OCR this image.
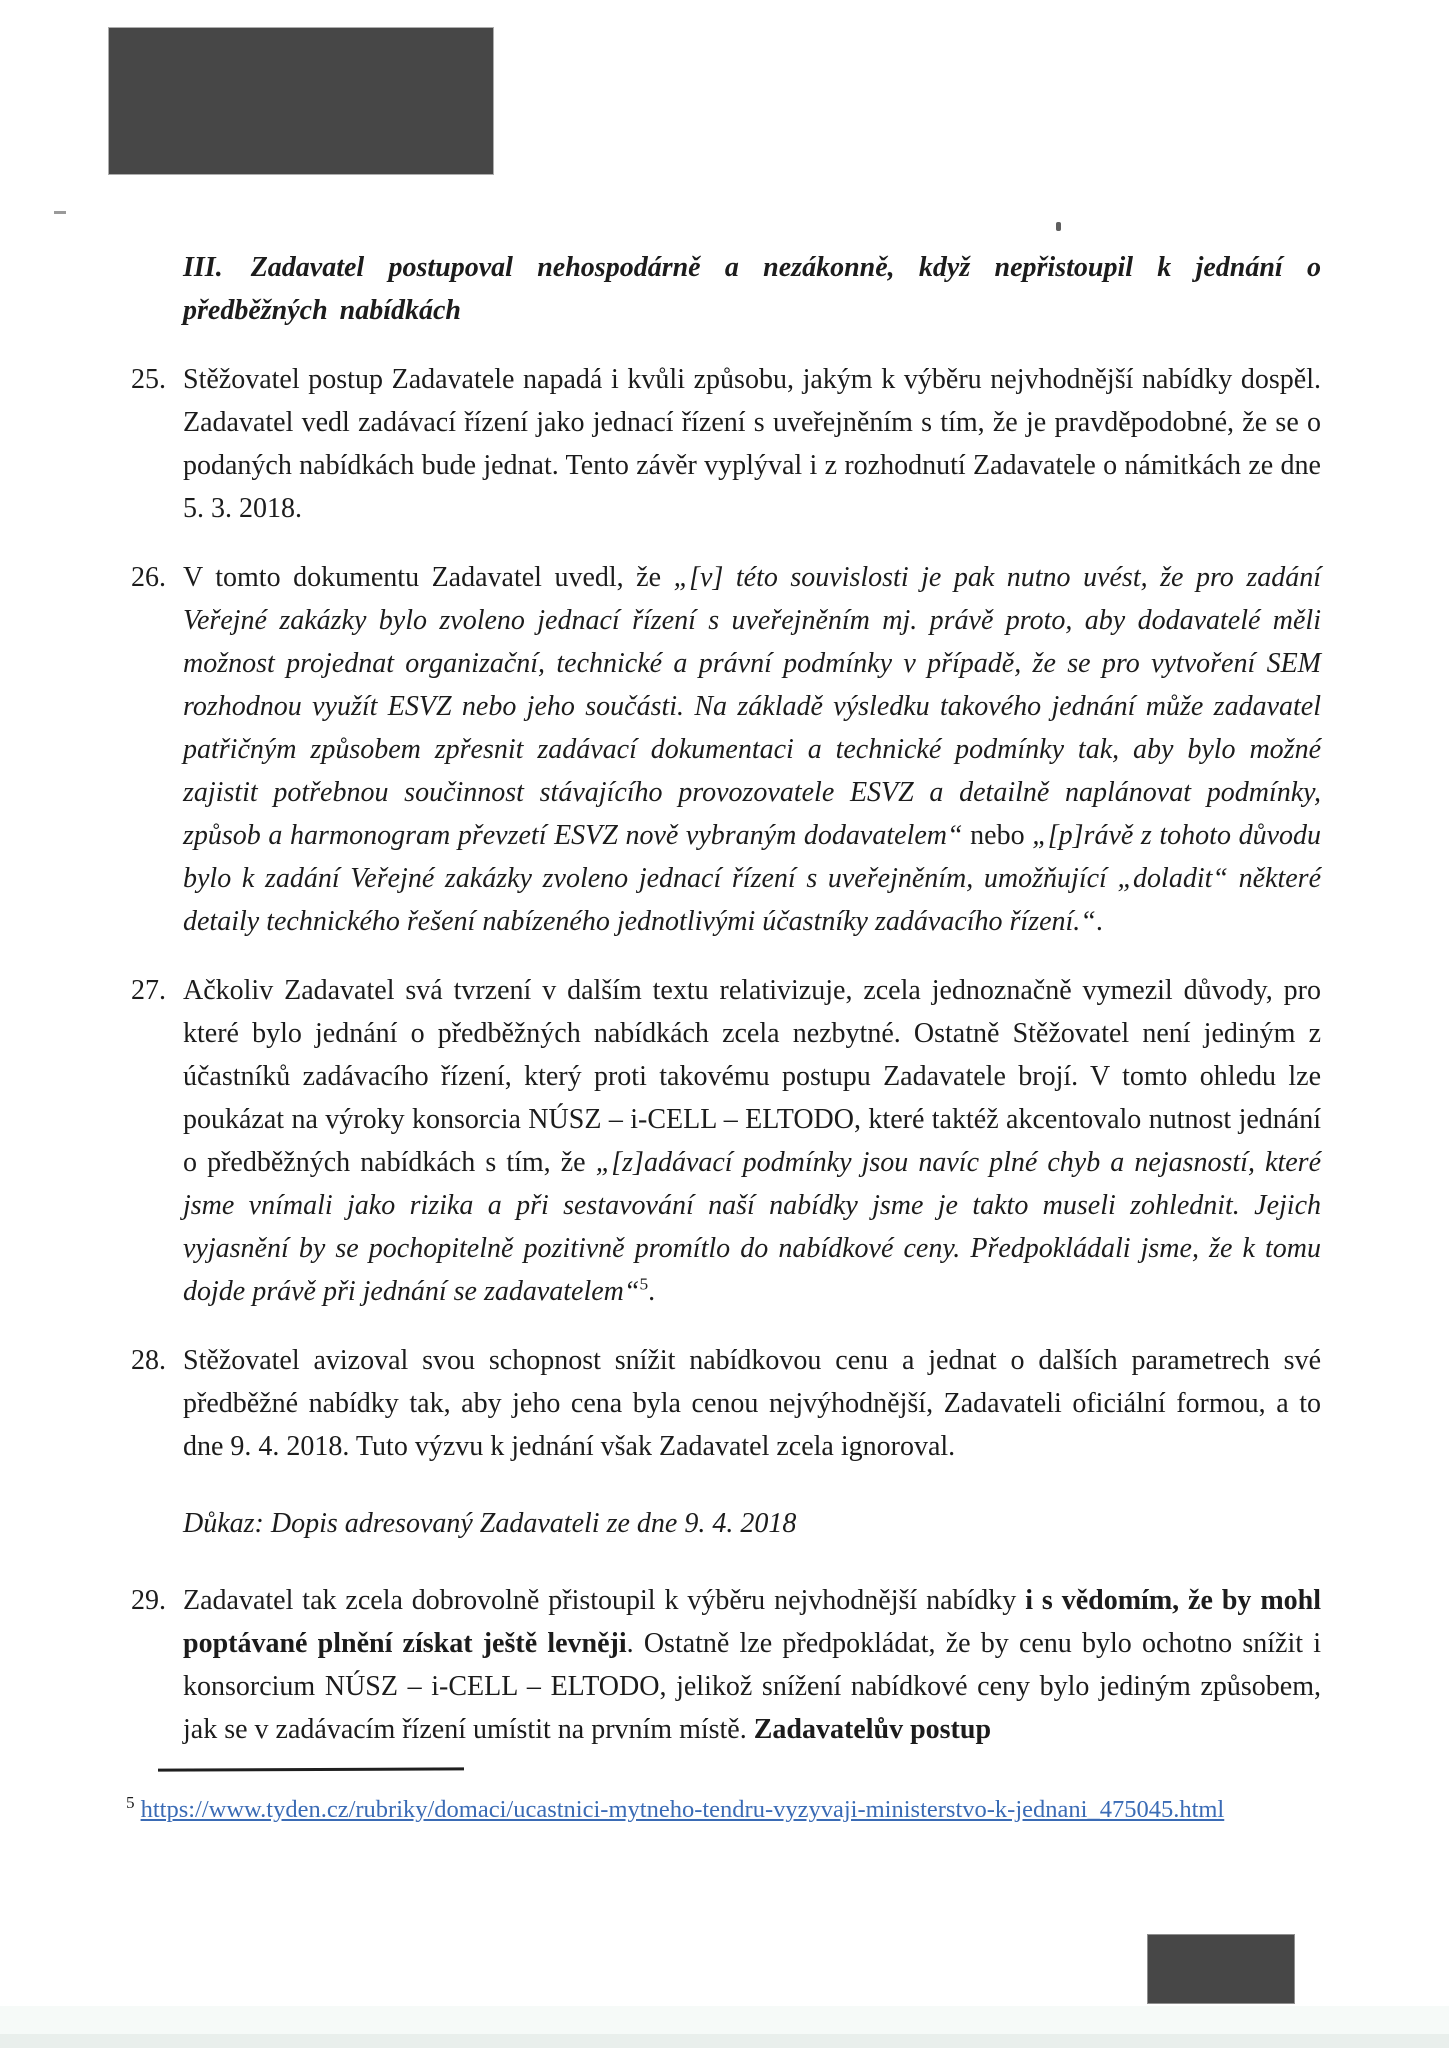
III. Zadavatel postupoval nehospodárně a nezákonně, když nepřistoupil k jednání o předběžných nabídkách
25. Stěžovatel postup Zadavatele napadá i kvůli způsobu, jakým k výběru nejvhodnější nabídky dospěl. Zadavatel vedl zadávací řízení jako jednací řízení s uveřejněním s tím, že je pravděpodobné, že se o podaných nabídkách bude jednat. Tento závěr vyplýval i z rozhodnutí Zadavatele o námitkách ze dne 5. 3. 2018.
26. V tomto dokumentu Zadavatel uvedl, že „[v] této souvislosti je pak nutno uvést, že pro zadání Veřejné zakázky bylo zvoleno jednací řízení s uveřejněním mj. právě proto, aby dodavatelé měli možnost projednat organizační, technické a právní podmínky v případě, že se pro vytvoření SEM rozhodnou využít ESVZ nebo jeho součásti. Na základě výsledku takového jednání může zadavatel patřičným způsobem zpřesnit zadávací dokumentaci a technické podmínky tak, aby bylo možné zajistit potřebnou součinnost stávajícího provozovatele ESVZ a detailně naplánovat podmínky, způsob a harmonogram převzetí ESVZ nově vybraným dodavatelem“ nebo „[p]rávě z tohoto důvodu bylo k zadání Veřejné zakázky zvoleno jednací řízení s uveřejněním, umožňující „doladit“ některé detaily technického řešení nabízeného jednotlivými účastníky zadávacího řízení.“.
27. Ačkoliv Zadavatel svá tvrzení v dalším textu relativizuje, zcela jednoznačně vymezil důvody, pro které bylo jednání o předběžných nabídkách zcela nezbytné. Ostatně Stěžovatel není jediným z účastníků zadávacího řízení, který proti takovému postupu Zadavatele brojí. V tomto ohledu lze poukázat na výroky konsorcia NÚSZ – i-CELL – ELTODO, které taktéž akcentovalo nutnost jednání o předběžných nabídkách s tím, že „[z]adávací podmínky jsou navíc plné chyb a nejasností, které jsme vnímali jako rizika a při sestavování naší nabídky jsme je takto museli zohlednit. Jejich vyjasnění by se pochopitelně pozitivně promítlo do nabídkové ceny. Předpokládali jsme, že k tomu dojde právě při jednání se zadavatelem“$^5$.
28. Stěžovatel avizoval svou schopnost snížit nabídkovou cenu a jednat o dalších parametrech své předběžné nabídky tak, aby jeho cena byla cenou nejvýhodnější, Zadavateli oficiální formou, a to dne 9. 4. 2018. Tuto výzvu k jednání však Zadavatel zcela ignoroval.
Důkaz: Dopis adresovaný Zadavateli ze dne 9. 4. 2018
29. Zadavatel tak zcela dobrovolně přistoupil k výběru nejvhodnější nabídky i s vědomím, že by mohl poptávané plnění získat ještě levněji. Ostatně lze předpokládat, že by cenu bylo ochotno snížit i konsorcium NÚSZ – i-CELL – ELTODO, jelikož snížení nabídkové ceny bylo jediným způsobem, jak se v zadávacím řízení umístit na prvním místě. Zadavatelův postup
$^5$ https://www.tyden.cz/rubriky/domaci/ucastnici-mytneho-tendru-vyzyvaji-ministerstvo-k-jednani_475045.html
